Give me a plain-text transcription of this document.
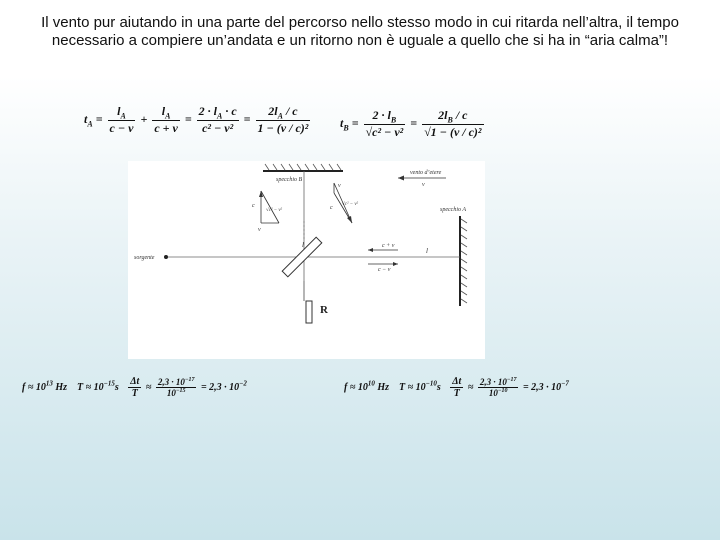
Il vento pur aiutando in una parte del percorso nello stesso modo in cui ritarda nell’altra, il tempo necessario a compiere un’andata e un ritorno non è uguale a quello che si ha in “aria calma”!
$t_A = \frac{l_A}{c - v} + \frac{l_A}{c + v} = \frac{2 \cdot l_A \cdot c}{\text{c² − v²}} = \frac{2l_A / c}{\text{1 − (v / c)²}} t_B = \frac{2 \cdot l_B}{\text{√c² − v²}} = \frac{2l_B / c}{\text{√1 − (v / c)²}}$
specchio B
specchio A
vento d’etere
v
l
sorgente
l
c + v
c − v
R
c
v
√c² − v²
v
c
√c² − v²
$f \approx 10^{13}$ Hz $T \approx 10^{-15}s \frac{\Delta t}{T} \approx \frac{2,3 \cdot 10^{-17}}{10^{-15}} = 2,3 \cdot 10^{-2}$	$f \approx 10^{10}$ Hz $T \approx 10^{-10}s \frac{\Delta t}{T} \approx \frac{2,3 \cdot 10^{-17}}{10^{-10}} = 2,3 \cdot 10^{-7}$
